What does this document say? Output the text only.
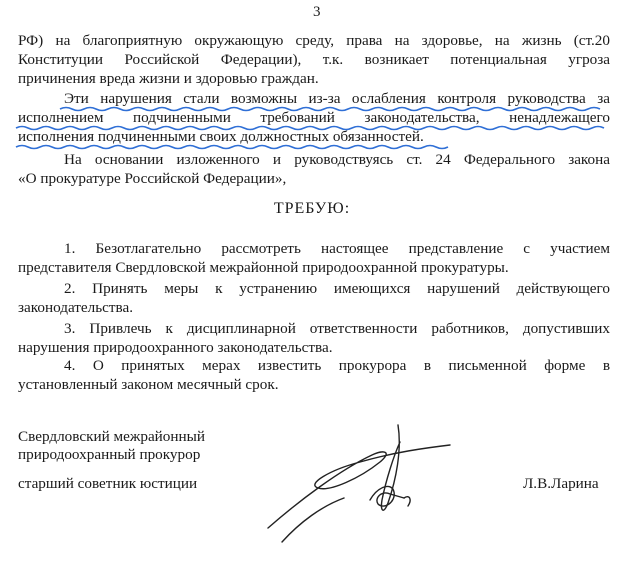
3
РФ) на благоприятную окружающую среду, права на здоровье, на жизнь (ст.20
Конституции Российской Федерации), т.к. возникает потенциальная угроза
причинения вреда жизни и здоровью граждан.
Эти нарушения стали возможны из-за ослабления контроля руководства за
исполнением подчиненными требований законодательства, ненадлежащего
исполнения подчиненными своих должностных обязанностей.
На основании изложенного и руководствуясь ст. 24 Федерального закона
«О прокуратуре Российской Федерации»,
ТРЕБУЮ:
1. Безотлагательно рассмотреть настоящее представление с участием
представителя Свердловской межрайонной природоохранной прокуратуры.
2. Принять меры к устранению имеющихся нарушений действующего
законодательства.
3. Привлечь к дисциплинарной ответственности работников, допустивших
нарушения природоохранного законодательства.
4. О принятых мерах известить прокурора в письменной форме в
установленный законом месячный срок.
Свердловский межрайонный
природоохранный прокурор
старший советник юстиции	Л.В.Ларина
